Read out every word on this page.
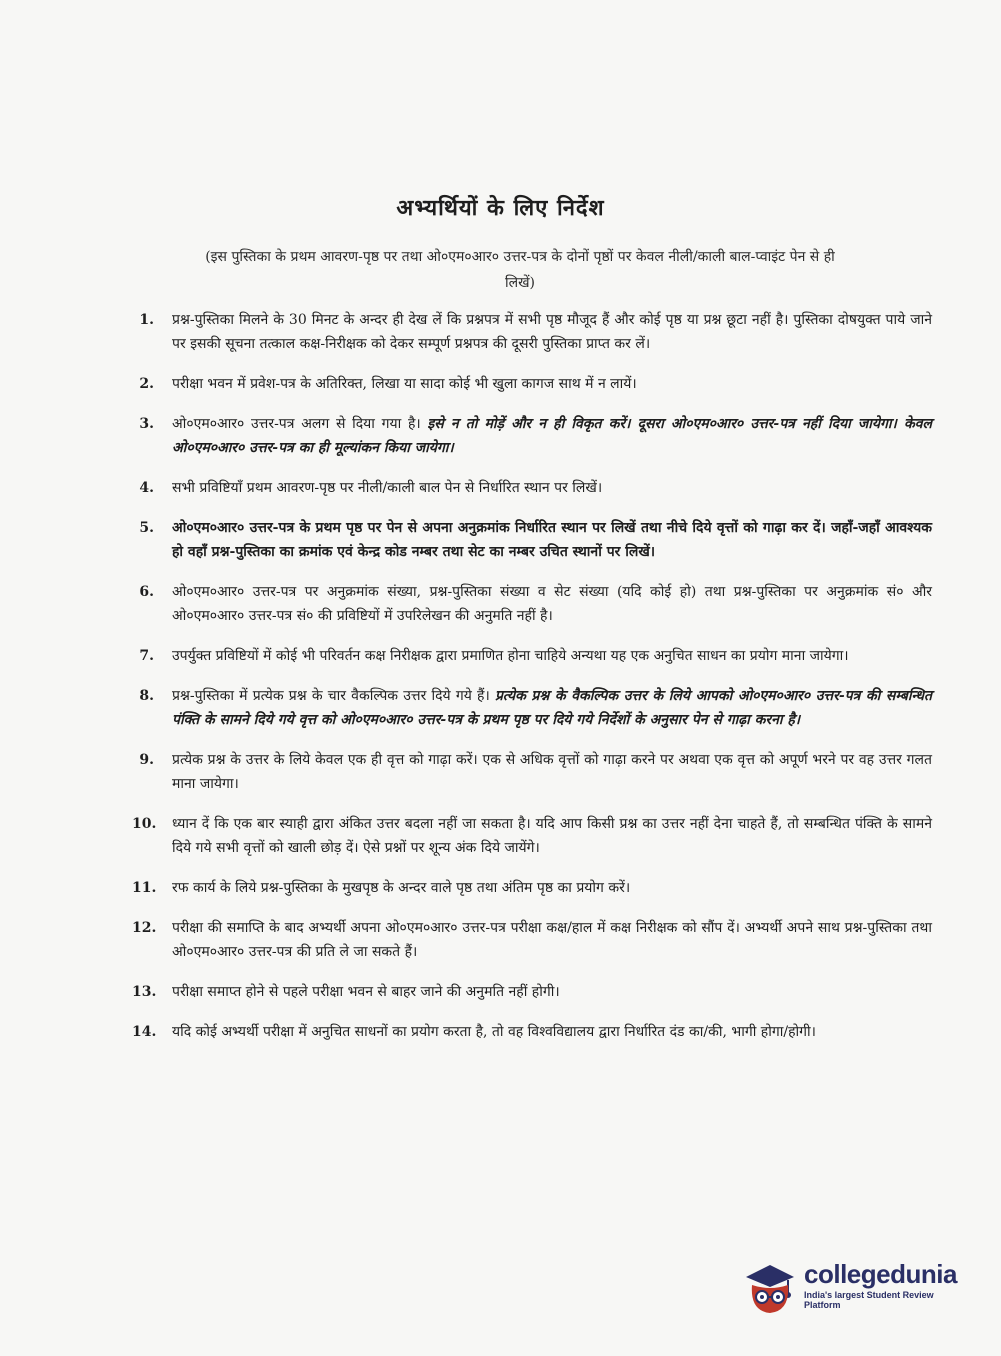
अभ्यर्थियों के लिए निर्देश
(इस पुस्तिका के प्रथम आवरण-पृष्ठ पर तथा ओ०एम०आर० उत्तर-पत्र के दोनों पृष्ठों पर केवल नीली/काली बाल-प्वाइंट पेन से ही लिखें)
1.	प्रश्न-पुस्तिका मिलने के 30 मिनट के अन्दर ही देख लें कि प्रश्नपत्र में सभी पृष्ठ मौजूद हैं और कोई पृष्ठ या प्रश्न छूटा नहीं है। पुस्तिका दोषयुक्त पाये जाने पर इसकी सूचना तत्काल कक्ष-निरीक्षक को देकर सम्पूर्ण प्रश्नपत्र की दूसरी पुस्तिका प्राप्त कर लें।
2.	परीक्षा भवन में प्रवेश-पत्र के अतिरिक्त, लिखा या सादा कोई भी खुला कागज साथ में न लायें।
3.	ओ०एम०आर० उत्तर-पत्र अलग से दिया गया है। इसे न तो मोड़ें और न ही विकृत करें। दूसरा ओ०एम०आर० उत्तर-पत्र नहीं दिया जायेगा। केवल ओ०एम०आर० उत्तर-पत्र का ही मूल्यांकन किया जायेगा।
4.	सभी प्रविष्टियाँ प्रथम आवरण-पृष्ठ पर नीली/काली बाल पेन से निर्धारित स्थान पर लिखें।
5.	ओ०एम०आर० उत्तर-पत्र के प्रथम पृष्ठ पर पेन से अपना अनुक्रमांक निर्धारित स्थान पर लिखें तथा नीचे दिये वृत्तों को गाढ़ा कर दें। जहाँ-जहाँ आवश्यक हो वहाँ प्रश्न-पुस्तिका का क्रमांक एवं केन्द्र कोड नम्बर तथा सेट का नम्बर उचित स्थानों पर लिखें।
6.	ओ०एम०आर० उत्तर-पत्र पर अनुक्रमांक संख्या, प्रश्न-पुस्तिका संख्या व सेट संख्या (यदि कोई हो) तथा प्रश्न-पुस्तिका पर अनुक्रमांक सं० और ओ०एम०आर० उत्तर-पत्र सं० की प्रविष्टियों में उपरिलेखन की अनुमति नहीं है।
7.	उपर्युक्त प्रविष्टियों में कोई भी परिवर्तन कक्ष निरीक्षक द्वारा प्रमाणित होना चाहिये अन्यथा यह एक अनुचित साधन का प्रयोग माना जायेगा।
8.	प्रश्न-पुस्तिका में प्रत्येक प्रश्न के चार वैकल्पिक उत्तर दिये गये हैं। प्रत्येक प्रश्न के वैकल्पिक उत्तर के लिये आपको ओ०एम०आर० उत्तर-पत्र की सम्बन्धित पंक्ति के सामने दिये गये वृत्त को ओ०एम०आर० उत्तर-पत्र के प्रथम पृष्ठ पर दिये गये निर्देशों के अनुसार पेन से गाढ़ा करना है।
9.	प्रत्येक प्रश्न के उत्तर के लिये केवल एक ही वृत्त को गाढ़ा करें। एक से अधिक वृत्तों को गाढ़ा करने पर अथवा एक वृत्त को अपूर्ण भरने पर वह उत्तर गलत माना जायेगा।
10.	ध्यान दें कि एक बार स्याही द्वारा अंकित उत्तर बदला नहीं जा सकता है। यदि आप किसी प्रश्न का उत्तर नहीं देना चाहते हैं, तो सम्बन्धित पंक्ति के सामने दिये गये सभी वृत्तों को खाली छोड़ दें। ऐसे प्रश्नों पर शून्य अंक दिये जायेंगे।
11.	रफ कार्य के लिये प्रश्न-पुस्तिका के मुखपृष्ठ के अन्दर वाले पृष्ठ तथा अंतिम पृष्ठ का प्रयोग करें।
12.	परीक्षा की समाप्ति के बाद अभ्यर्थी अपना ओ०एम०आर० उत्तर-पत्र परीक्षा कक्ष/हाल में कक्ष निरीक्षक को सौंप दें। अभ्यर्थी अपने साथ प्रश्न-पुस्तिका तथा ओ०एम०आर० उत्तर-पत्र की प्रति ले जा सकते हैं।
13.	परीक्षा समाप्त होने से पहले परीक्षा भवन से बाहर जाने की अनुमति नहीं होगी।
14.	यदि कोई अभ्यर्थी परीक्षा में अनुचित साधनों का प्रयोग करता है, तो वह विश्वविद्यालय द्वारा निर्धारित दंड का/की, भागी होगा/होगी।
collegedunia
India's largest Student Review Platform
